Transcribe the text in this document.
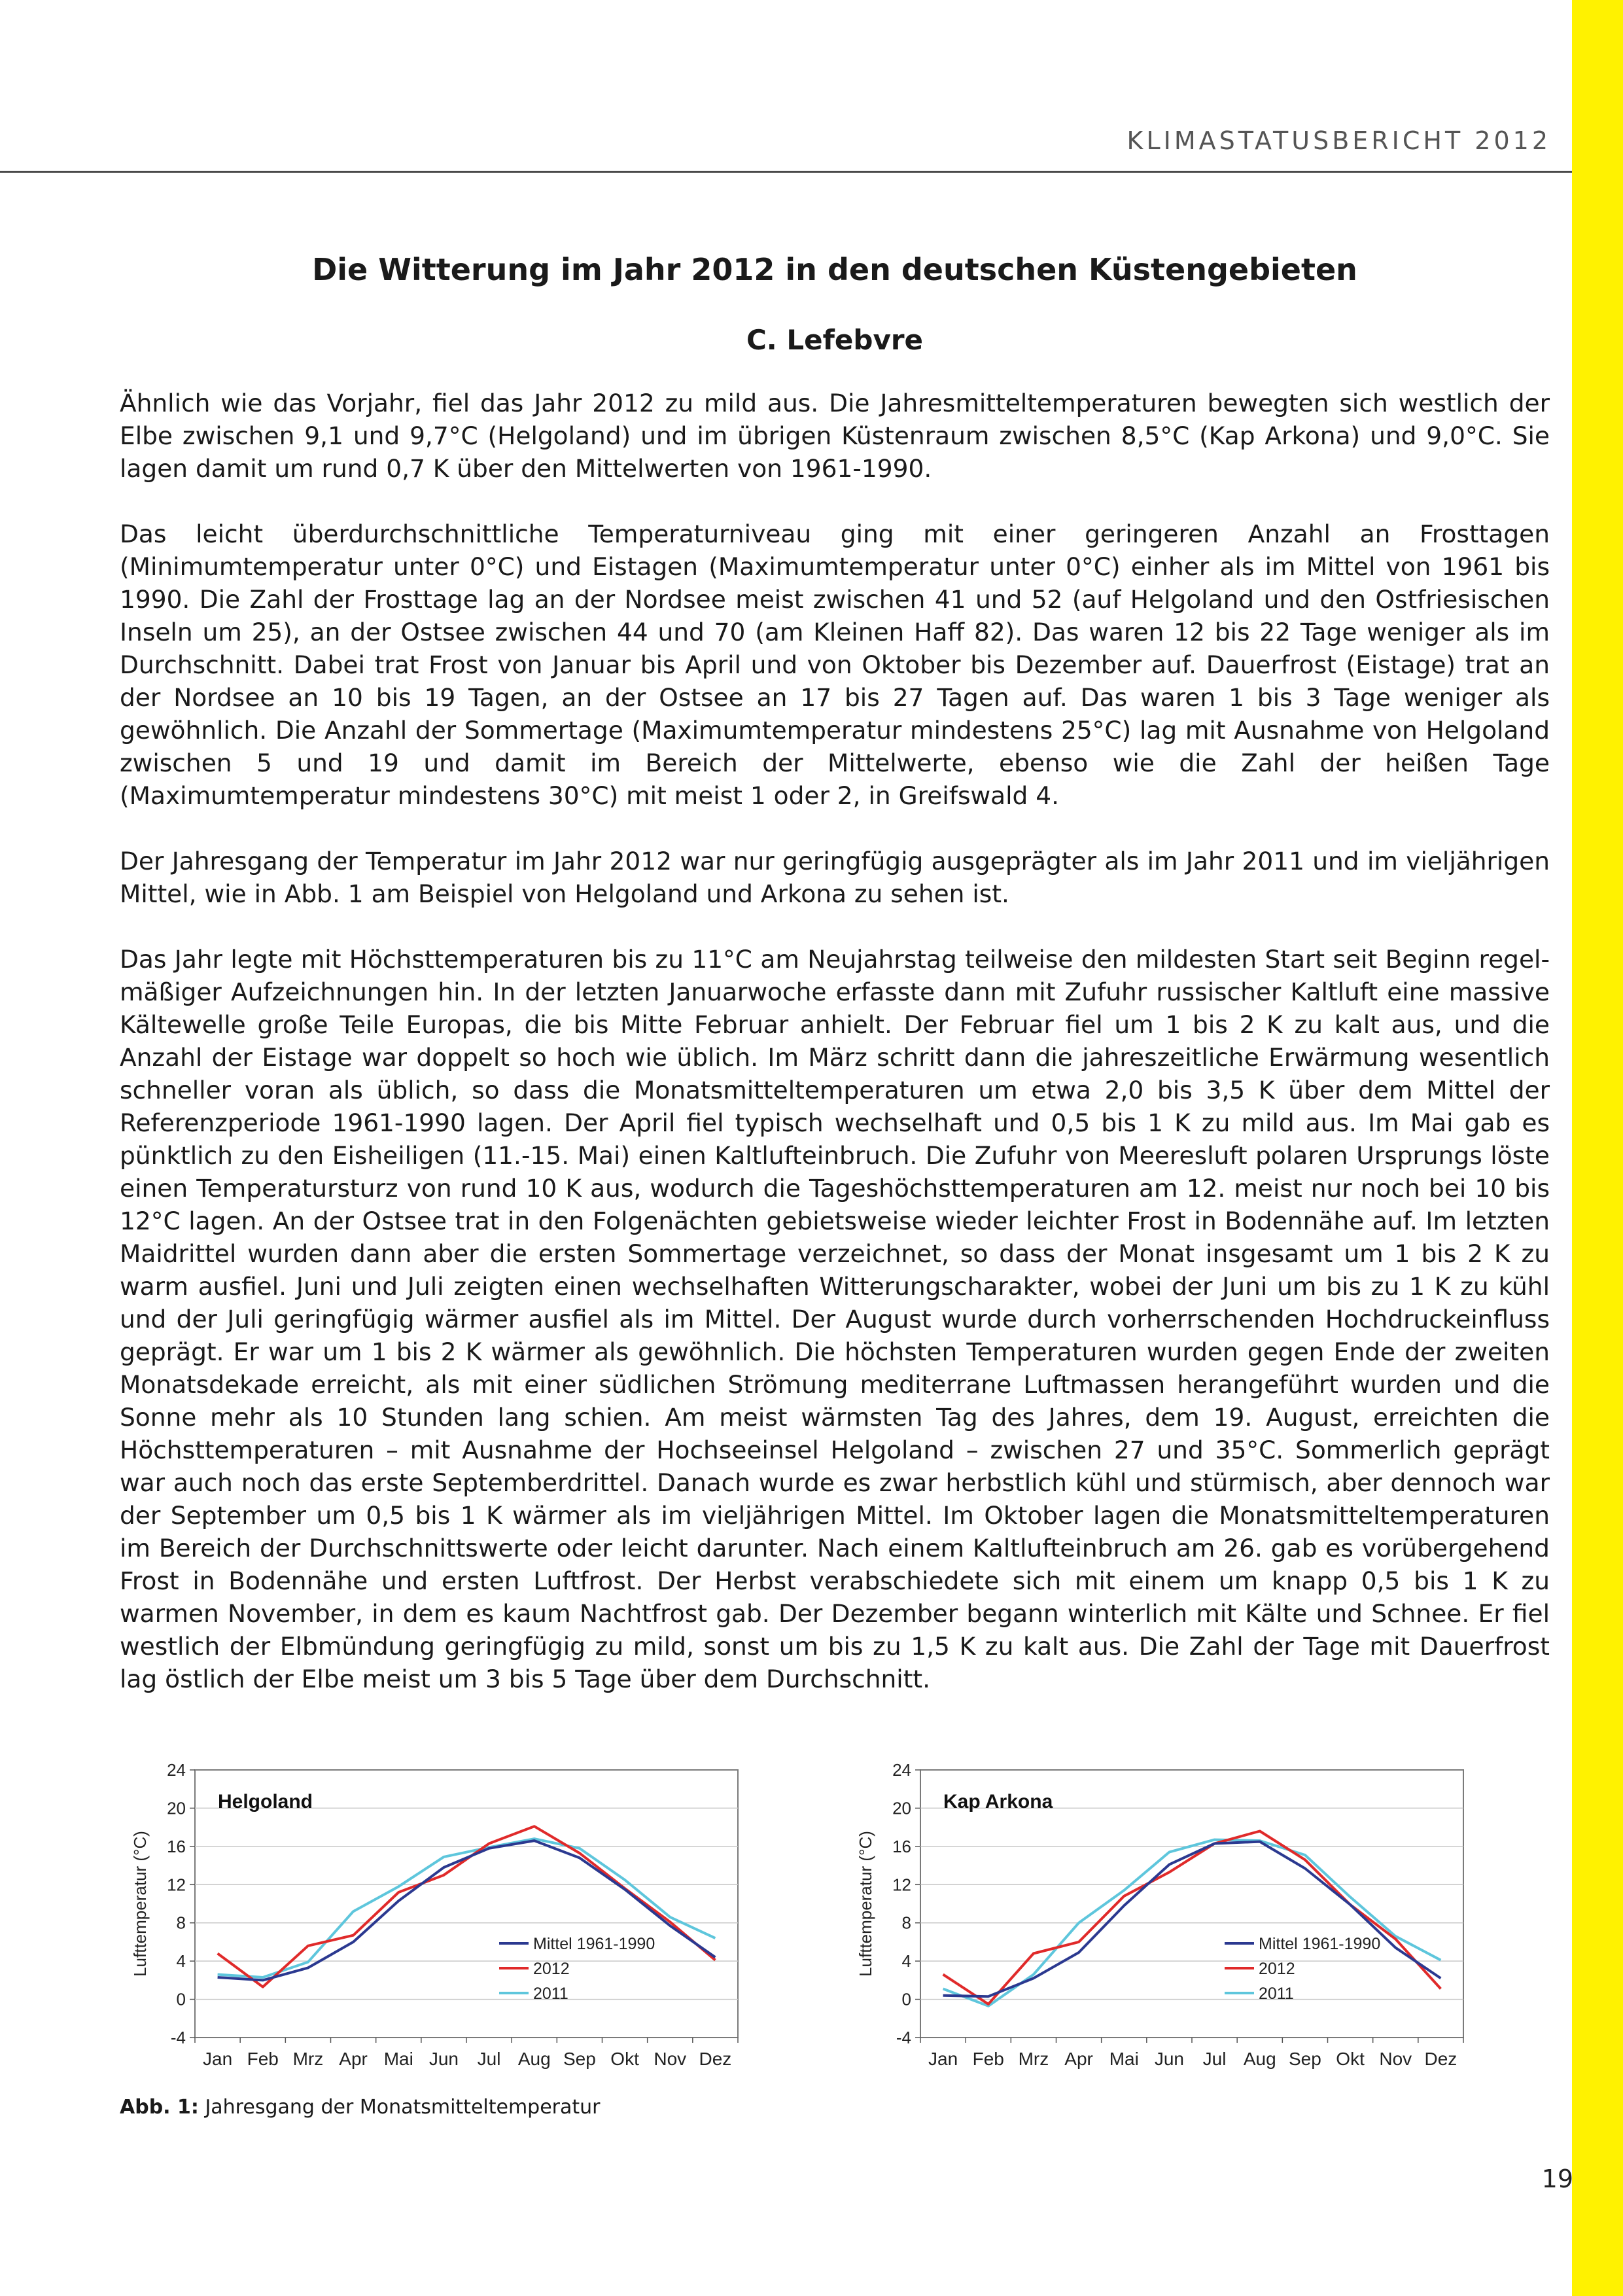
KLIMASTATUSBERICHT 2012
Die Witterung im Jahr 2012 in den deutschen Küstengebieten
C. Lefebvre

Ähnlich wie das Vorjahr, fiel das Jahr 2012 zu mild aus. Die Jahresmitteltemperaturen bewegten sich westlich der Elbe zwischen 9,1 und 9,7°C (Helgoland) und im übrigen Küstenraum zwischen 8,5°C (Kap Arkona) und 9,0°C. Sie lagen damit um rund 0,7 K über den Mittelwerten von 1961-1990.

Das leicht überdurchschnittliche Temperaturniveau ging mit einer geringeren Anzahl an Frosttagen (Minimumtemperatur unter 0°C) und Eistagen (Maximumtemperatur unter 0°C) einher als im Mittel von 1961 bis 1990. Die Zahl der Frosttage lag an der Nordsee meist zwischen 41 und 52 (auf Helgoland und den Ostfriesischen Inseln um 25), an der Ostsee zwischen 44 und 70 (am Kleinen Haff 82). Das waren 12 bis 22 Tage weniger als im Durchschnitt. Dabei trat Frost von Januar bis April und von Oktober bis Dezember auf. Dauerfrost (Eistage) trat an der Nordsee an 10 bis 19 Tagen, an der Ostsee an 17 bis 27 Tagen auf. Das waren 1 bis 3 Tage weniger als gewöhnlich. Die Anzahl der Sommertage (Maximumtemperatur mindestens 25°C) lag mit Ausnahme von Helgoland zwischen 5 und 19 und damit im Bereich der Mittelwerte, ebenso wie die Zahl der heißen Tage (Maximumtemperatur mindestens 30°C) mit meist 1 oder 2, in Greifswald 4.

Der Jahresgang der Temperatur im Jahr 2012 war nur geringfügig ausgeprägter als im Jahr 2011 und im vieljährigen Mittel, wie in Abb. 1 am Beispiel von Helgoland und Arkona zu sehen ist.

Das Jahr legte mit Höchsttemperaturen bis zu 11°C am Neujahrstag teilweise den mildesten Start seit Beginn regelmäßiger Aufzeichnungen hin. In der letzten Januarwoche erfasste dann mit Zufuhr russischer Kaltluft eine massive Kältewelle große Teile Europas, die bis Mitte Februar anhielt. Der Februar fiel um 1 bis 2 K zu kalt aus, und die Anzahl der Eistage war doppelt so hoch wie üblich. Im März schritt dann die jahreszeitliche Erwärmung wesentlich schneller voran als üblich, so dass die Monatsmitteltemperaturen um etwa 2,0 bis 3,5 K über dem Mittel der Referenzperiode 1961-1990 lagen. Der April fiel typisch wechselhaft und 0,5 bis 1 K zu mild aus. Im Mai gab es pünktlich zu den Eisheiligen (11.-15. Mai) einen Kaltlufteinbruch. Die Zufuhr von Meeresluft polaren Ursprungs löste einen Temperatursturz von rund 10 K aus, wodurch die Tageshöchsttemperaturen am 12. meist nur noch bei 10 bis 12°C lagen. An der Ostsee trat in den Folgenächten gebietsweise wieder leichter Frost in Bodennähe auf. Im letzten Maidrittel wurden dann aber die ersten Sommertage verzeichnet, so dass der Monat insgesamt um 1 bis 2 K zu warm ausfiel. Juni und Juli zeigten einen wechselhaften Witterungscharakter, wobei der Juni um bis zu 1 K zu kühl und der Juli geringfügig wärmer ausfiel als im Mittel. Der August wurde durch vorherrschenden Hochdruckeinfluss geprägt. Er war um 1 bis 2 K wärmer als gewöhnlich. Die höchsten Temperaturen wurden gegen Ende der zweiten Monatsdekade erreicht, als mit einer südlichen Strömung mediterrane Luftmassen herangeführt wurden und die Sonne mehr als 10 Stunden lang schien. Am meist wärmsten Tag des Jahres, dem 19. August, erreichten die Höchsttemperaturen – mit Ausnahme der Hochseeinsel Helgoland – zwischen 27 und 35°C. Sommerlich geprägt war auch noch das erste Septemberdrittel. Danach wurde es zwar herbstlich kühl und stürmisch, aber dennoch war der September um 0,5 bis 1 K wärmer als im vieljährigen Mittel. Im Oktober lagen die Monatsmitteltemperaturen im Bereich der Durchschnittswerte oder leicht darunter. Nach einem Kaltlufteinbruch am 26. gab es vorübergehend Frost in Bodennähe und ersten Luftfrost. Der Herbst verabschiedete sich mit einem um knapp 0,5 bis 1 K zu warmen November, in dem es kaum Nachtfrost gab. Der Dezember begann winterlich mit Kälte und Schnee. Er fiel westlich der Elbmündung geringfügig zu mild, sonst um bis zu 1,5 K zu kalt aus. Die Zahl der Tage mit Dauerfrost lag östlich der Elbe meist um 3 bis 5 Tage über dem Durchschnitt.

-4
0
4
8
12
16
20
24
Jan Feb Mrz Apr Mai Jun Jul Aug Sep Okt Nov Dez
Lufttemperatur (°C)
Helgoland
Mittel 1961-1990
2012
2011
-4
0
4
8
12
16
20
24
Jan Feb Mrz Apr Mai Jun Jul Aug Sep Okt Nov Dez
Lufttemperatur (°C)
Kap Arkona
Mittel 1961-1990
2012
2011
Abb. 1: Jahresgang der Monatsmitteltemperatur
19
